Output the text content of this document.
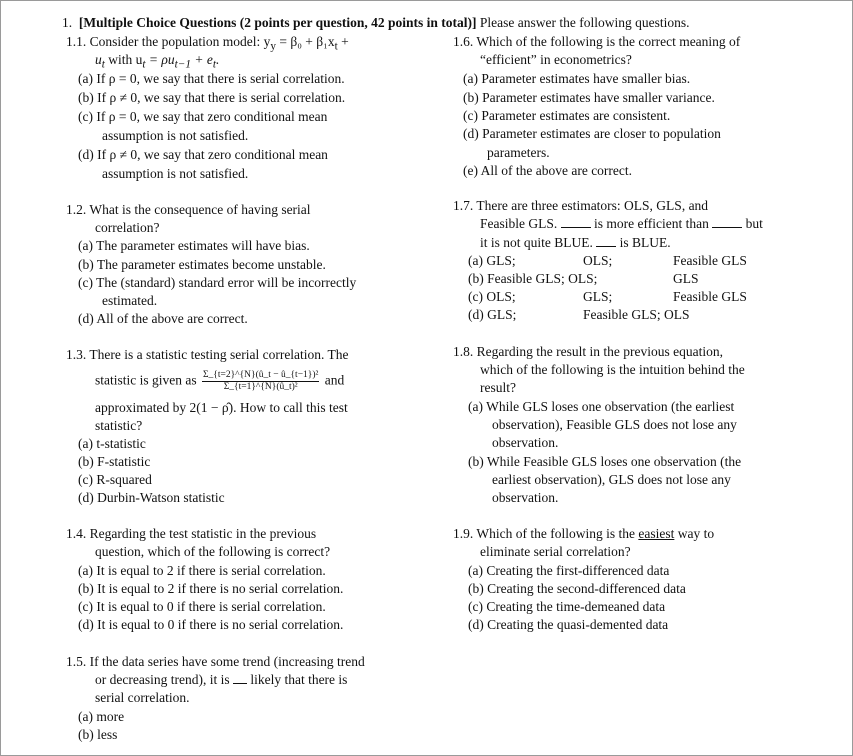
1. [Multiple Choice Questions (2 points per question, 42 points in total)] Please answer the following questions.
1.1. Consider the population model: $y_y = \beta_0 + \beta_1x_t$ +
$u_t$ with $u_t = \rho u_{t-1} + e_t$.
(a) If ρ = 0, we say that there is serial correlation.
(b) If ρ ≠ 0, we say that there is serial correlation.
(c) If ρ = 0, we say that zero conditional mean
assumption is not satisfied.
(d) If ρ ≠ 0, we say that zero conditional mean
assumption is not satisfied.
1.2. What is the consequence of having serial
correlation?
(a) The parameter estimates will have bias.
(b) The parameter estimates become unstable.
(c) The (standard) standard error will be incorrectly
estimated.
(d) All of the above are correct.
1.3. There is a statistic testing serial correlation. The
statistic is given as $\frac{\text{Σ\_\{t=2\}\textasciicircum{}\{N\}(û\_t − û\_\{t−1\})²}}{\text{Σ\_\{t=1\}\textasciicircum{}\{N\}(û\_t)²}}$ and
approximated by 2(1 − ρ̂). How to call this test
statistic?
(a) t-statistic
(b) F-statistic
(c) R-squared
(d) Durbin-Watson statistic
1.4. Regarding the test statistic in the previous
question, which of the following is correct?
(a) It is equal to 2 if there is serial correlation.
(b) It is equal to 2 if there is no serial correlation.
(c) It is equal to 0 if there is serial correlation.
(d) It is equal to 0 if there is no serial correlation.
1.5. If the data series have some trend (increasing trend
or decreasing trend), it is  likely that there is
serial correlation.
(a) more
(b) less
1.6. Which of the following is the correct meaning of
“efficient” in econometrics?
(a) Parameter estimates have smaller bias.
(b) Parameter estimates have smaller variance.
(c) Parameter estimates are consistent.
(d) Parameter estimates are closer to population
parameters.
(e) All of the above are correct.
1.7. There are three estimators: OLS, GLS, and
Feasible GLS.  is more efficient than  but
it is not quite BLUE.  is BLUE.
(a) GLS;	OLS;	Feasible GLS
(b) Feasible GLS; OLS;	GLS
(c) OLS;	GLS;	Feasible GLS
(d) GLS;	Feasible GLS; OLS
1.8. Regarding the result in the previous equation,
which of the following is the intuition behind the
result?
(a) While GLS loses one observation (the earliest
observation), Feasible GLS does not lose any
observation.
(b) While Feasible GLS loses one observation (the
earliest observation), GLS does not lose any
observation.
1.9. Which of the following is the easiest way to
eliminate serial correlation?
(a) Creating the first-differenced data
(b) Creating the second-differenced data
(c) Creating the time-demeaned data
(d) Creating the quasi-demented data
